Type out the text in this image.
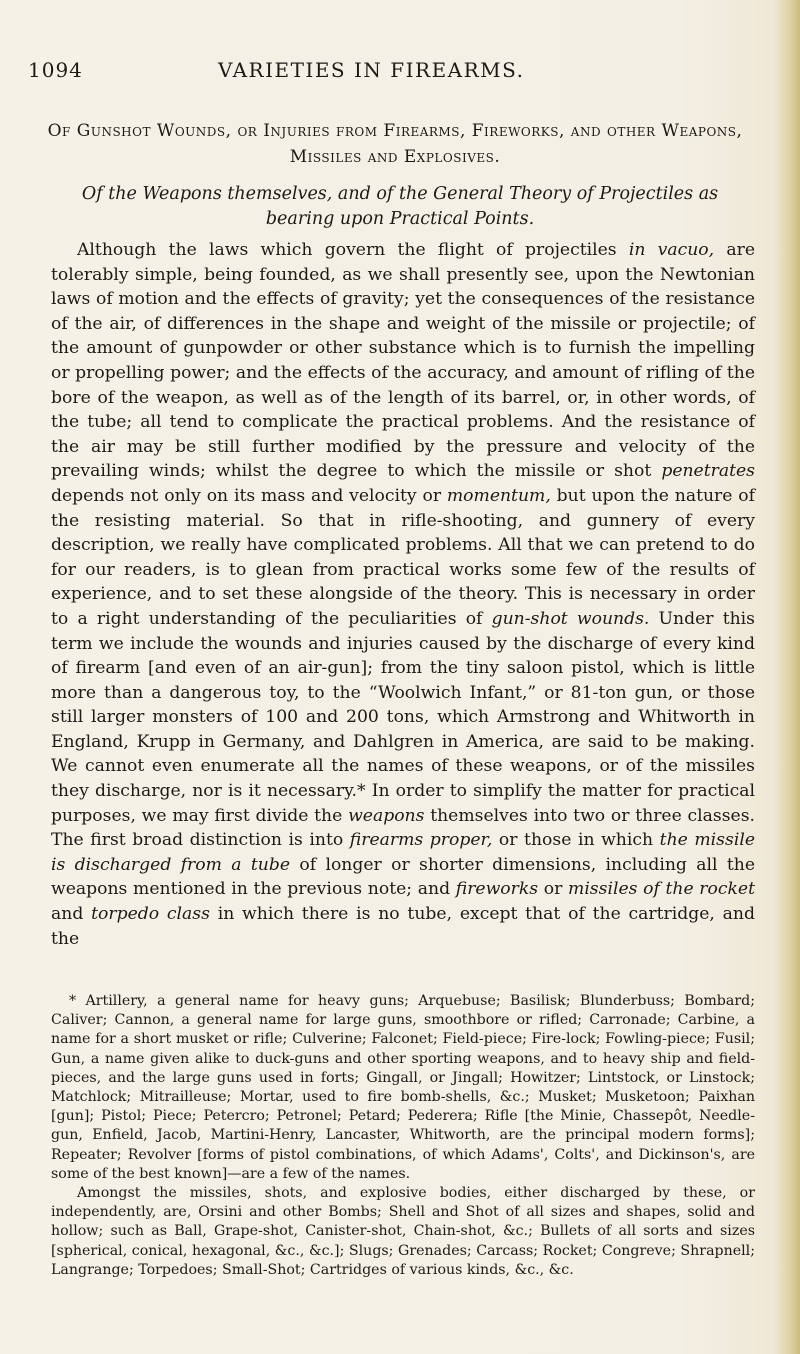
1094	VARIETIES IN FIREARMS.
Of Gunshot Wounds, or Injuries from Firearms, Fireworks, and other Weapons, Missiles and Explosives.
Of the Weapons themselves, and of the General Theory of Projectiles as bearing upon Practical Points.

Although the laws which govern the flight of projectiles in vacuo, are tolerably simple, being founded, as we shall presently see, upon the Newtonian laws of motion and the effects of gravity; yet the consequences of the resistance of the air, of differences in the shape and weight of the missile or projectile; of the amount of gunpowder or other substance which is to furnish the impelling or propelling power; and the effects of the accuracy, and amount of rifling of the bore of the weapon, as well as of the length of its barrel, or, in other words, of the tube; all tend to complicate the practical problems. And the resistance of the air may be still further modified by the pressure and velocity of the prevailing winds; whilst the degree to which the missile or shot penetrates depends not only on its mass and velocity or momentum, but upon the nature of the resisting material. So that in rifle-shooting, and gunnery of every description, we really have complicated problems. All that we can pretend to do for our readers, is to glean from practical works some few of the results of experience, and to set these alongside of the theory. This is necessary in order to a right understanding of the peculiarities of gun-shot wounds. Under this term we include the wounds and injuries caused by the discharge of every kind of firearm [and even of an air-gun]; from the tiny saloon pistol, which is little more than a dangerous toy, to the “Woolwich Infant,” or 81-ton gun, or those still larger monsters of 100 and 200 tons, which Armstrong and Whitworth in England, Krupp in Germany, and Dahlgren in America, are said to be making. We cannot even enumerate all the names of these weapons, or of the missiles they discharge, nor is it necessary.* In order to simplify the matter for practical purposes, we may first divide the weapons themselves into two or three classes. The first broad distinction is into firearms proper, or those in which the missile is discharged from a tube of longer or shorter dimensions, including all the weapons mentioned in the previous note; and fireworks or missiles of the rocket and torpedo class in which there is no tube, except that of the cartridge, and the

* Artillery, a general name for heavy guns; Arquebuse; Basilisk; Blunderbuss; Bombard; Caliver; Cannon, a general name for large guns, smoothbore or rifled; Carronade; Carbine, a name for a short musket or rifle; Culverine; Falconet; Field-piece; Fire-lock; Fowling-piece; Fusil; Gun, a name given alike to duck-guns and other sporting weapons, and to heavy ship and field-pieces, and the large guns used in forts; Gingall, or Jingall; Howitzer; Lintstock, or Linstock; Matchlock; Mitrailleuse; Mortar, used to fire bomb-shells, &c.; Musket; Musketoon; Paixhan [gun]; Pistol; Piece; Petercro; Petronel; Petard; Pederera; Rifle [the Minie, Chassepôt, Needle-gun, Enfield, Jacob, Martini-Henry, Lancaster, Whitworth, are the principal modern forms]; Repeater; Revolver [forms of pistol combinations, of which Adams', Colts', and Dickinson's, are some of the best known]—are a few of the names.

Amongst the missiles, shots, and explosive bodies, either discharged by these, or independently, are, Orsini and other Bombs; Shell and Shot of all sizes and shapes, solid and hollow; such as Ball, Grape-shot, Canister-shot, Chain-shot, &c.; Bullets of all sorts and sizes [spherical, conical, hexagonal, &c., &c.]; Slugs; Grenades; Carcass; Rocket; Congreve; Shrapnell; Langrange; Torpedoes; Small-Shot; Cartridges of various kinds, &c., &c.
